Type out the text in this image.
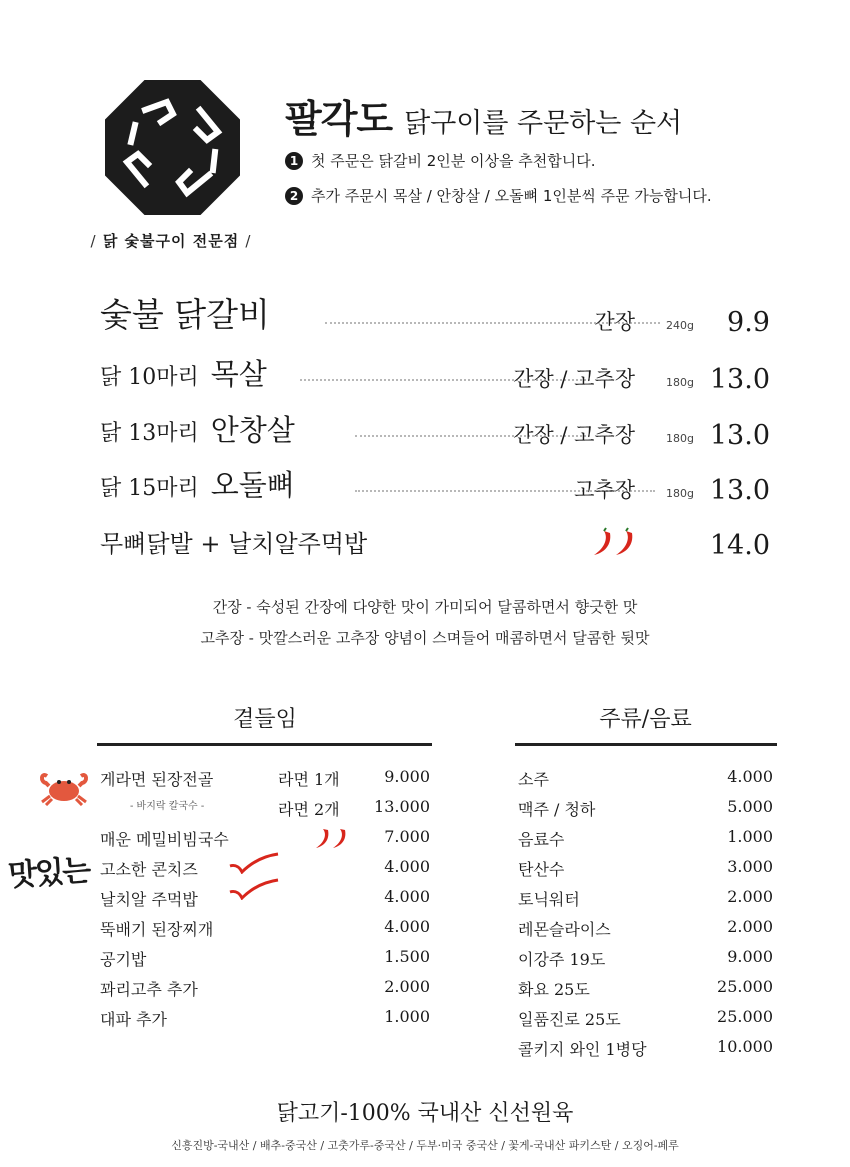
/ 닭 숯불구이 전문점 /
팔각도 닭구이를 주문하는 순서
1 첫 주문은 닭갈비 2인분 이상을 추천합니다.
2 추가 주문시 목살 / 안창살 / 오돌뼈 1인분씩 주문 가능합니다.
숯불 닭갈비	간장	240g 9.9
닭 10마리 목살	간장 / 고추장	180g 13.0
닭 13마리 안창살	간장 / 고추장	180g 13.0
닭 15마리 오돌뼈	고추장	180g 13.0
무뼈닭발 + 날치알주먹밥	14.0
간장 - 숙성된 간장에 다양한 맛이 가미되어 달콤하면서 향긋한 맛
고추장 - 맛깔스러운 고추장 양념이 스며들어 매콤하면서 달콤한 뒷맛
곁들임
게라면 된장전골	라면 1개	9.000
- 바지락 칼국수 -	라면 2개 13.000
매운 메밀비빔국수	7.000
고소한 콘치즈	4.000
날치알 주먹밥	4.000
뚝배기 된장찌개	4.000
공기밥	1.500
꽈리고추 추가	2.000
대파 추가	1.000
맛있는
주류/음료
소주	4.000
맥주 / 청하	5.000
음료수	1.000
탄산수	3.000
토닉워터	2.000
레몬슬라이스	2.000
이강주 19도	9.000
화요 25도	25.000
일품진로 25도	25.000
콜키지 와인 1병당	10.000
닭고기-100% 국내산 신선원육
신흥진방-국내산 / 배추-중국산 / 고춧가루-중국산 / 두부·미국 중국산 / 꽃게-국내산 파키스탄 / 오징어-페루
